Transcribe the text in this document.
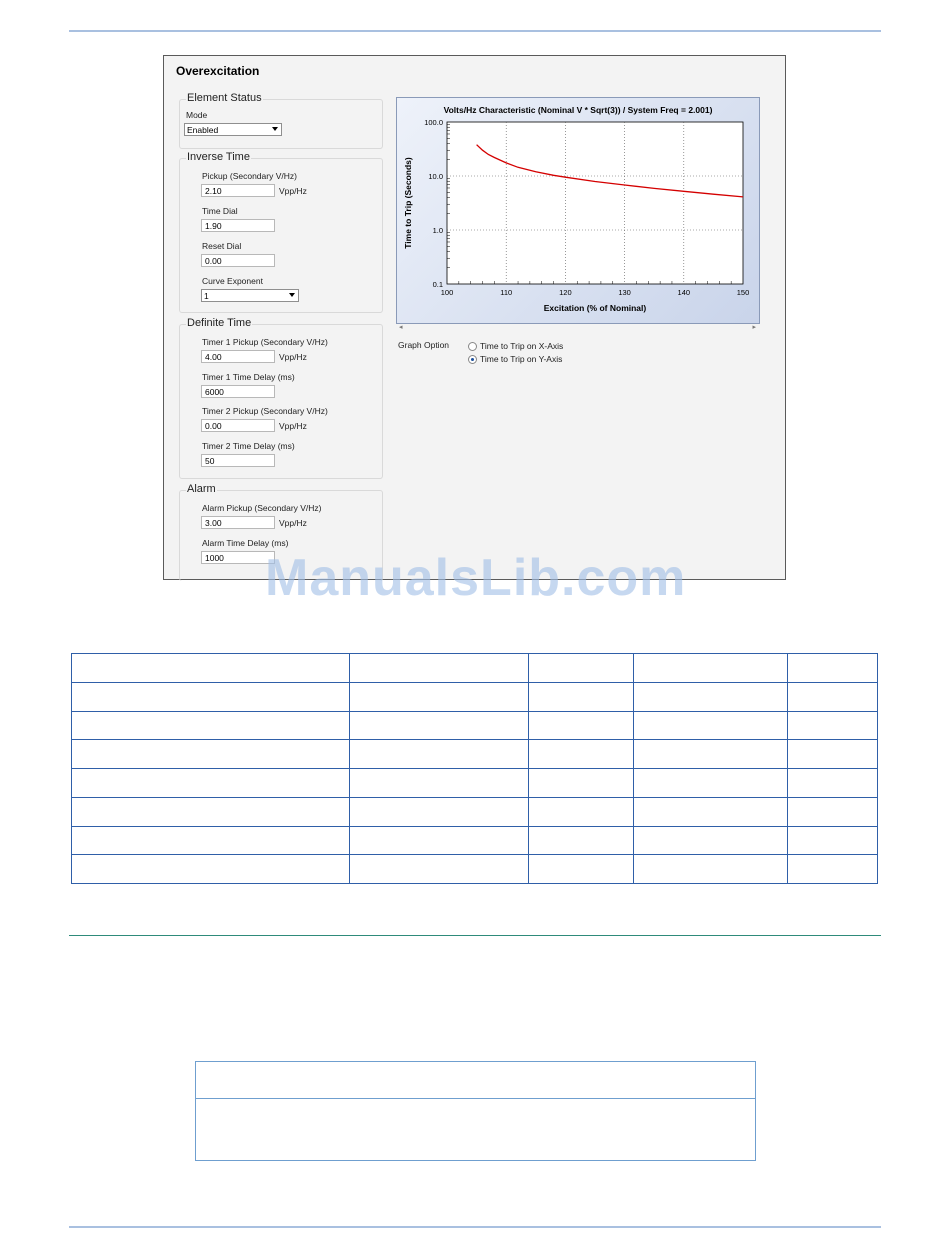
Overexcitation
Element Status
Mode
Enabled
Inverse Time
Pickup (Secondary V/Hz)
2.10	Vpp/Hz
Time Dial
1.90
Reset Dial
0.00
Curve Exponent
1
Definite Time
Timer 1 Pickup (Secondary V/Hz)
4.00	Vpp/Hz
Timer 1 Time Delay (ms)
6000
Timer 2 Pickup (Secondary V/Hz)
0.00	Vpp/Hz
Timer 2 Time Delay (ms)
50
Alarm
Alarm Pickup (Secondary V/Hz)
3.00	Vpp/Hz
Alarm Time Delay (ms)
1000
Volts/Hz Characteristic (Nominal V * Sqrt(3)) / System Freq = 2.001)
100	110	120	130	140	150
100.0
10.0
1.0
0.1
Excitation (% of Nominal)
Time to Trip (Seconds)
◂	▸
Graph Option	Time to Trip on X-Axis
Time to Trip on Y-Axis
ManualsLib.com
